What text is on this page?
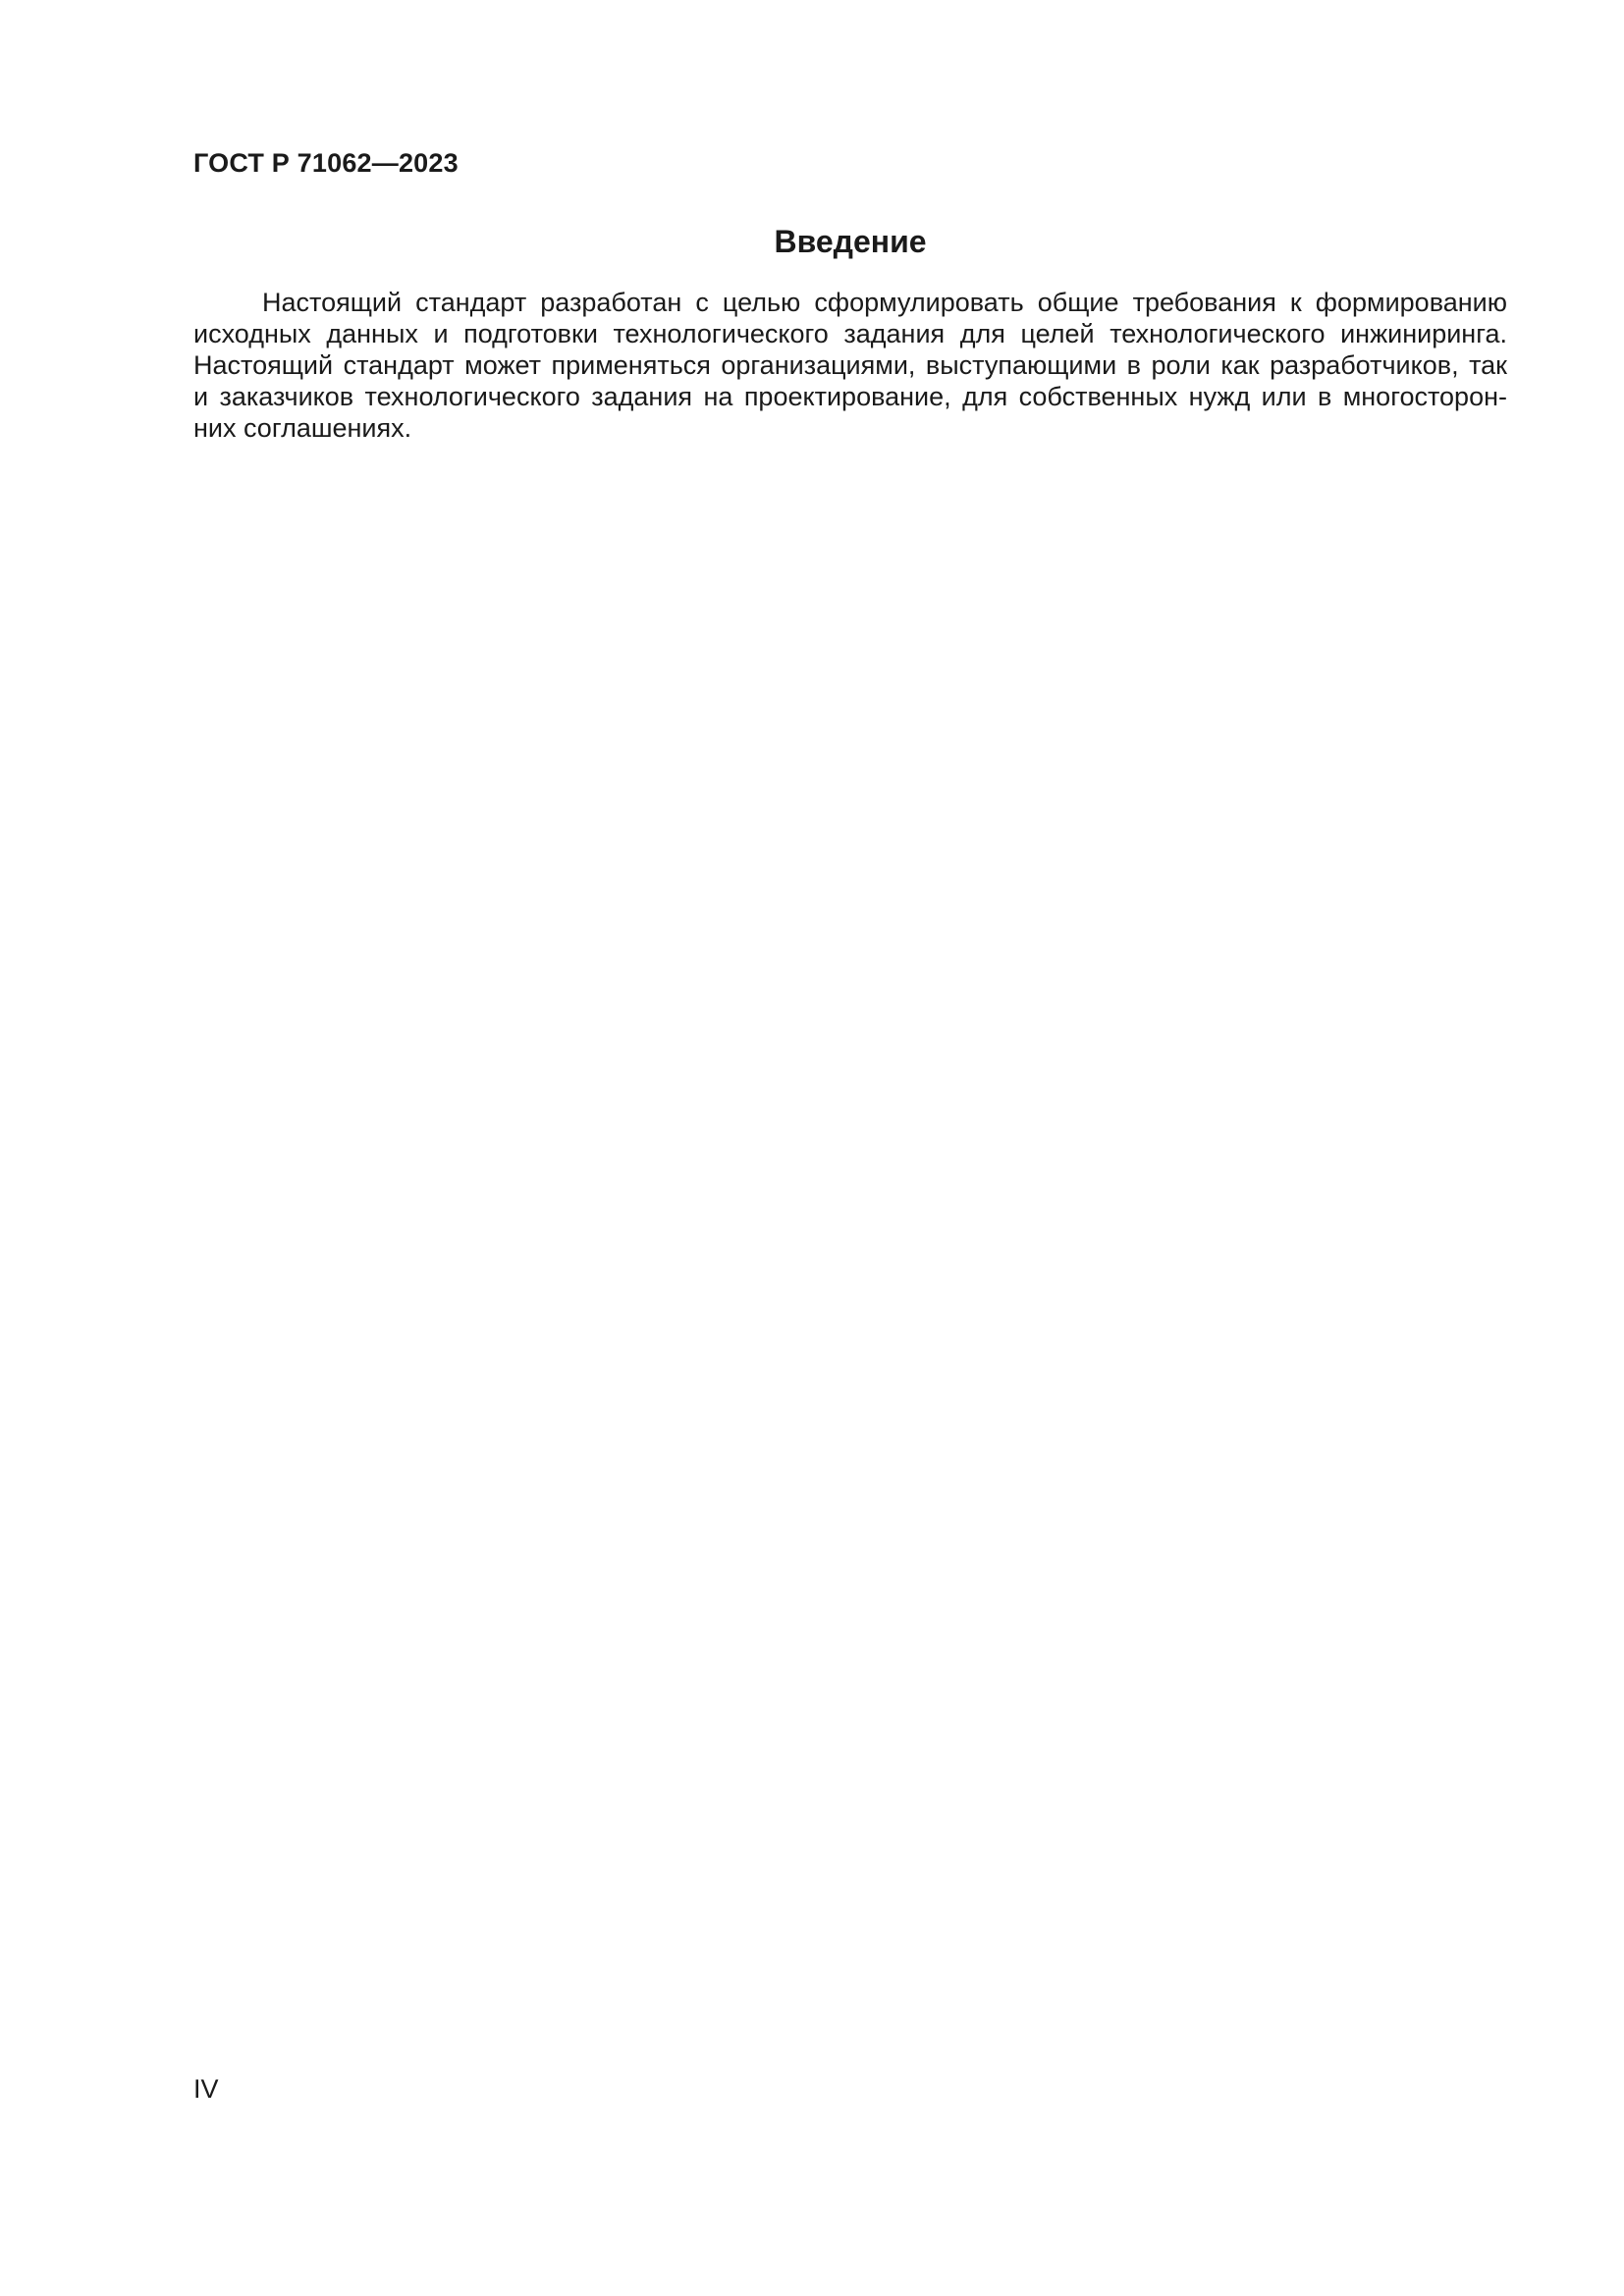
ГОСТ Р 71062—2023
Введение
Настоящий стандарт разработан с целью сформулировать общие требования к формированию
исходных данных и подготовки технологического задания для целей технологического инжиниринга.
Настоящий стандарт может применяться организациями, выступающими в роли как разработчиков, так
и заказчиков технологического задания на проектирование, для собственных нужд или в многосторон-
них соглашениях.
IV
